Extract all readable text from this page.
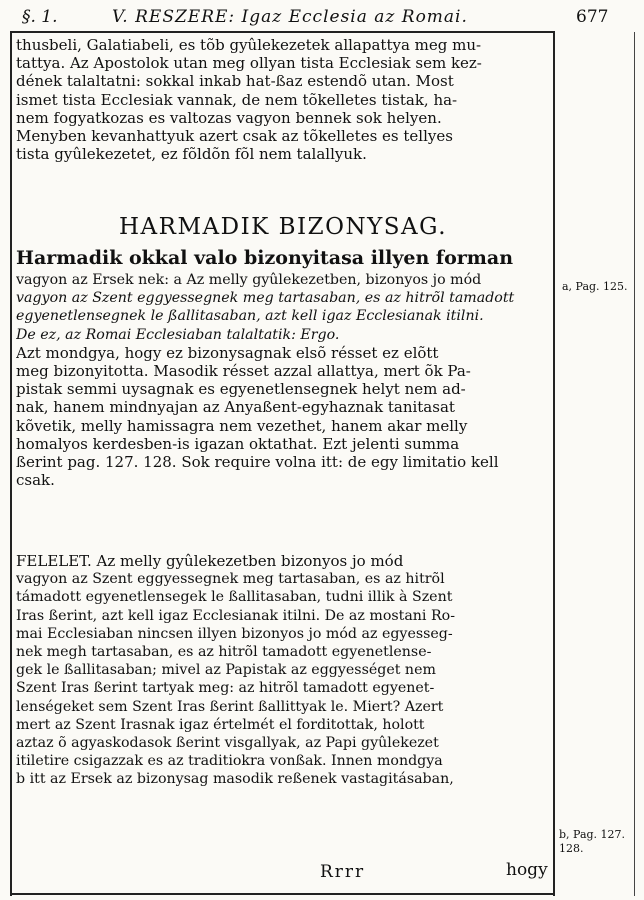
§. 1.	V. RESZERE: Igaz Ecclesia az Romai.	677
thusbeli, Galatiabeli, es tõb gyûlekezetek allapattya meg mu-
tattya. Az Apostolok utan meg ollyan tista Ecclesiak sem kez-
dének talaltatni: sokkal inkab hat-ßaz estendõ utan. Most
ismet tista Ecclesiak vannak, de nem tõkelletes tistak, ha-
nem fogyatkozas es valtozas vagyon bennek sok helyen.
Menyben kevanhattyuk azert csak az tõkelletes es tellyes
tista gyûlekezetet, ez fõldõn fõl nem talallyuk.
HARMADIK BIZONYSAG.
Harmadik okkal valo bizonyitasa illyen forman
vagyon az Ersek nek: a Az melly gyûlekezetben, bizonyos jo mód
vagyon az Szent eggyessegnek meg tartasaban, es az hitrõl tamadott
egyenetlensegnek le ßallitasaban, azt kell igaz Ecclesianak itilni.
De ez, az Romai Ecclesiaban talaltatik: Ergo.
Azt mondgya, hogy ez bizonysagnak elsõ résset ez elõtt
meg bizonyitotta. Masodik résset azzal allattya, mert õk Pa-
pistak semmi uysagnak es egyenetlensegnek helyt nem ad-
nak, hanem mindnyajan az Anyaßent-egyhaznak tanitasat
kõvetik, melly hamissagra nem vezethet, hanem akar melly
homalyos kerdesben-is igazan oktathat. Ezt jelenti summa
ßerint pag. 127. 128. Sok require volna itt: de egy limitatio kell
csak.
FELELET. Az melly gyûlekezetben bizonyos jo mód
vagyon az Szent eggyessegnek meg tartasaban, es az hitrõl
támadott egyenetlensegek le ßallitasaban, tudni illik à Szent
Iras ßerint, azt kell igaz Ecclesianak itilni. De az mostani Ro-
mai Ecclesiaban nincsen illyen bizonyos jo mód az egyesseg-
nek megh tartasaban, es az hitrõl tamadott egyenetlense-
gek le ßallitasaban; mivel az Papistak az eggyességet nem
Szent Iras ßerint tartyak meg: az hitrõl tamadott egyenet-
lenségeket sem Szent Iras ßerint ßallittyak le. Miert? Azert
mert az Szent Irasnak igaz értelmét el forditottak, holott
aztaz õ agyaskodasok ßerint visgallyak, az Papi gyûlekezet
itiletire csigazzak es az traditiokra vonßak. Innen mondgya
b itt az Ersek az bizonysag masodik reßenek vastagitásaban,
a, Pag. 125.
b, Pag. 127.
128.
Rrrr	hogy
